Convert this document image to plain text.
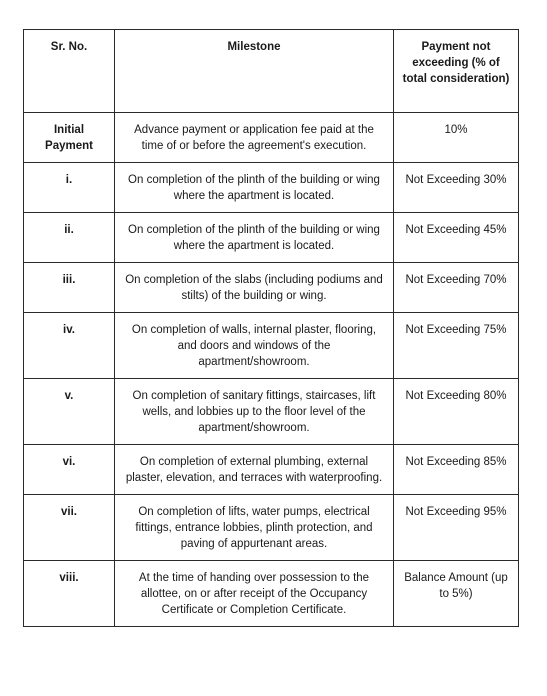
Sr. No.	Milestone	Payment not exceeding (% of total consideration)
Initial Payment	Advance payment or application fee paid at the time of or before the agreement's execution.	10%
i.	On completion of the plinth of the building or wing where the apartment is located.	Not Exceeding 30%
ii.	On completion of the plinth of the building or wing where the apartment is located.	Not Exceeding 45%
iii.	On completion of the slabs (including podiums and stilts) of the building or wing.	Not Exceeding 70%
iv.	On completion of walls, internal plaster, flooring, and doors and windows of the apartment/showroom.	Not Exceeding 75%
v.	On completion of sanitary fittings, staircases, lift wells, and lobbies up to the floor level of the apartment/showroom.	Not Exceeding 80%
vi.	On completion of external plumbing, external plaster, elevation, and terraces with waterproofing.	Not Exceeding 85%
vii.	On completion of lifts, water pumps, electrical fittings, entrance lobbies, plinth protection, and paving of appurtenant areas.	Not Exceeding 95%
viii.	At the time of handing over possession to the allottee, on or after receipt of the Occupancy Certificate or Completion Certificate.	Balance Amount (up to 5%)
